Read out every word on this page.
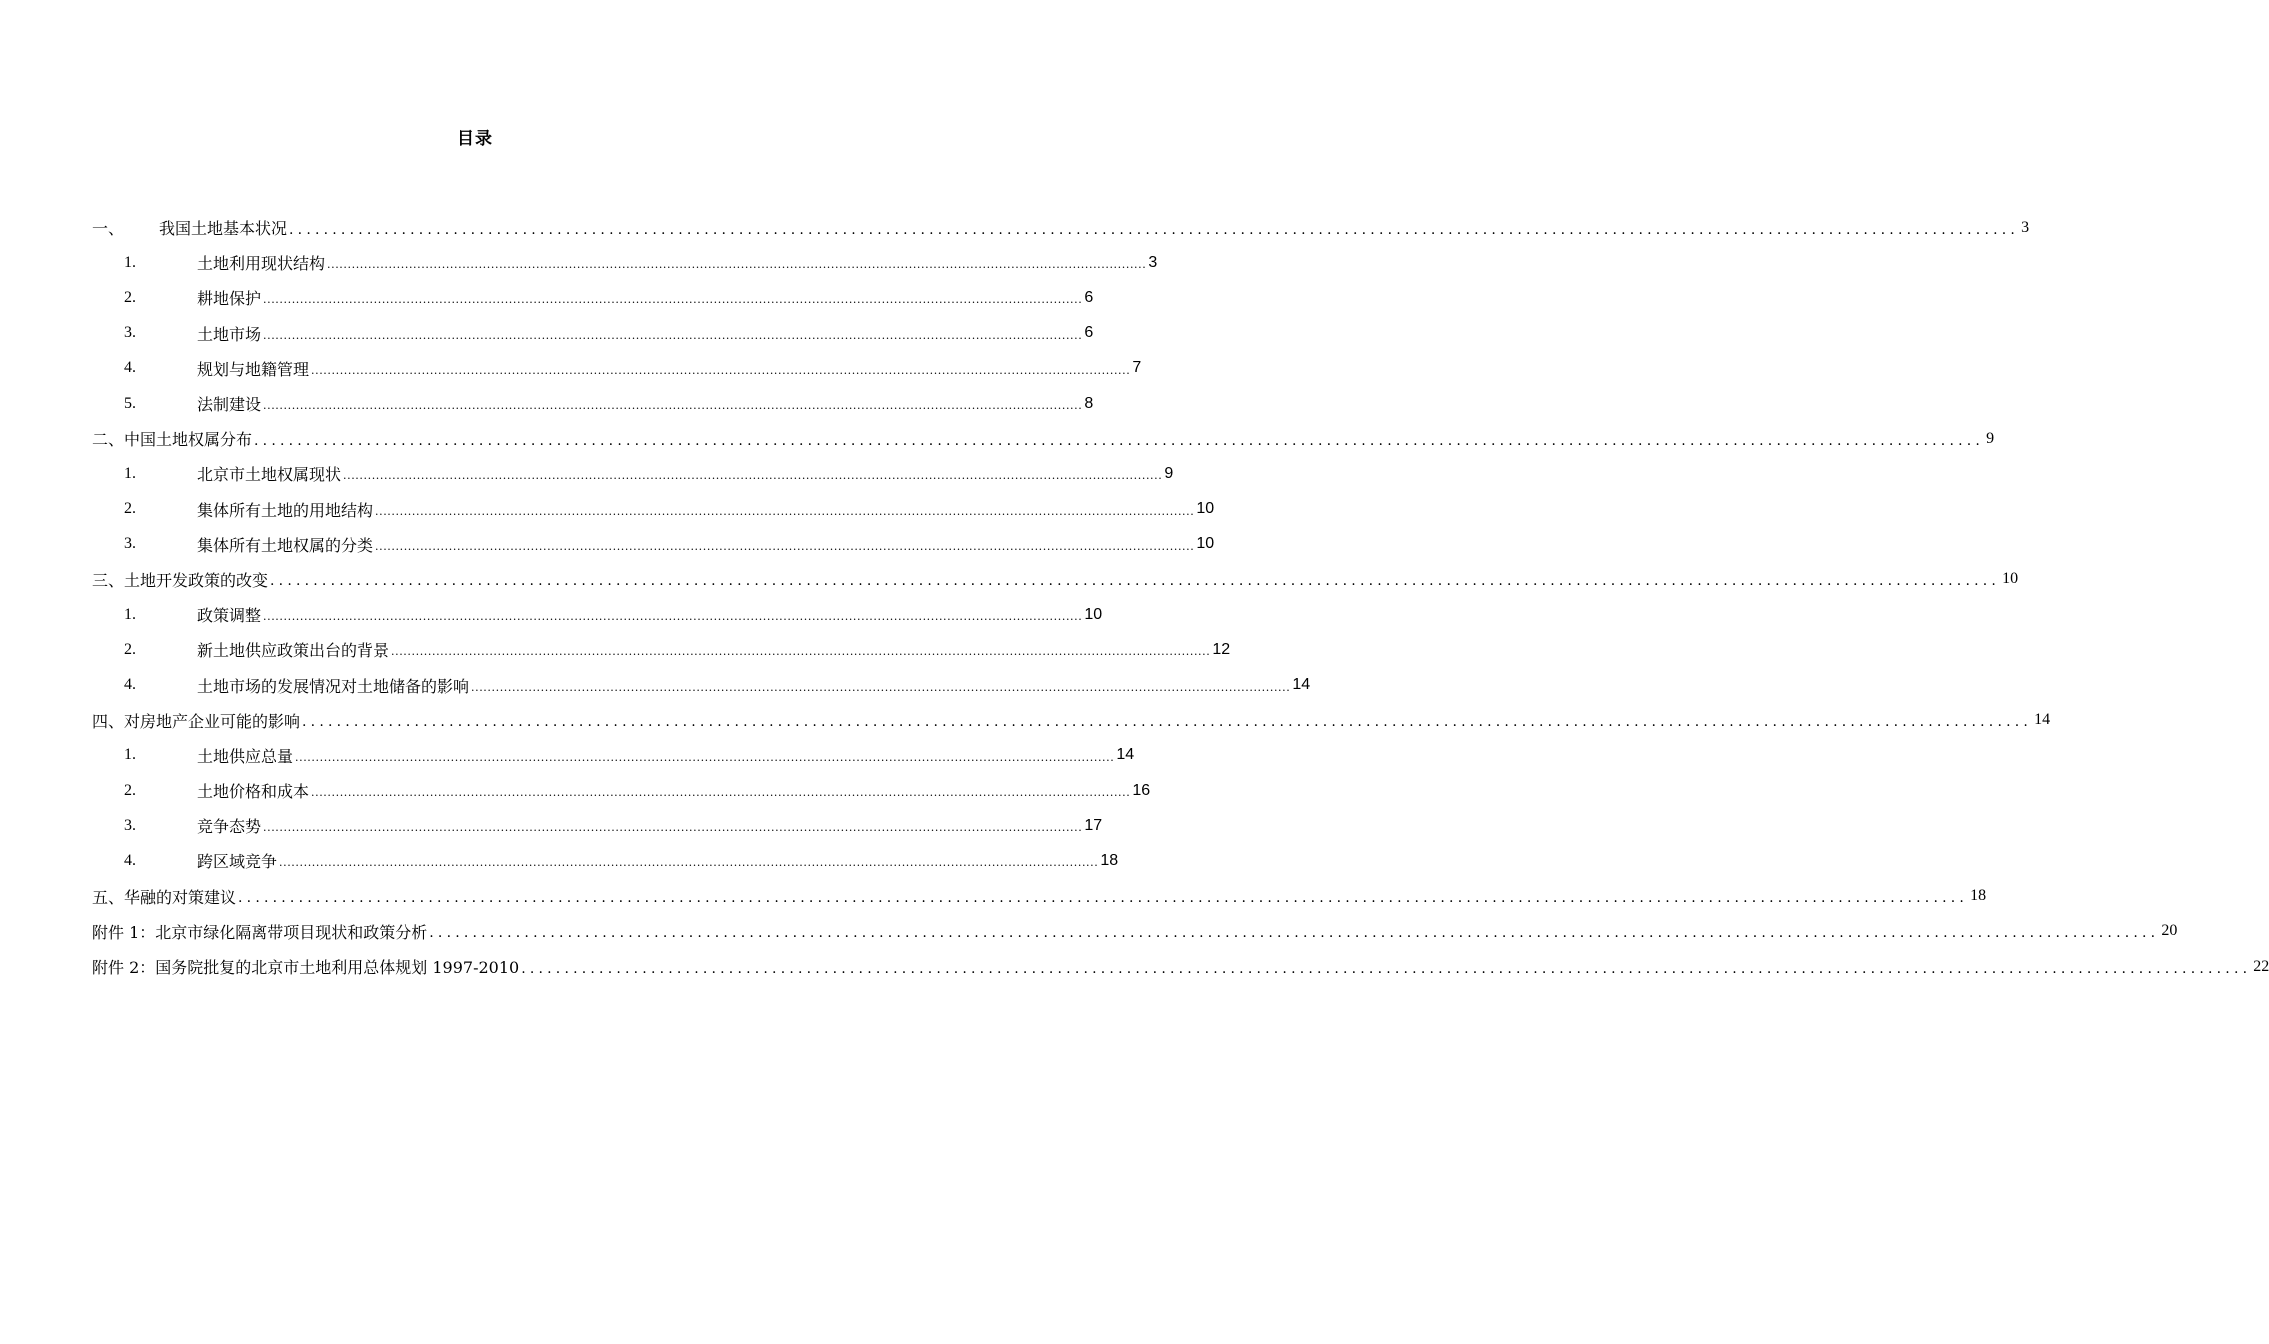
目录
一、	我国土地基本状况 ........................................................................................................................................................................................................ 3
1.	土地利用现状结构 ........................................................................................................................................................................................................ 3
2.	耕地保护 ........................................................................................................................................................................................................ 6
3.	土地市场 ........................................................................................................................................................................................................ 6
4.	规划与地籍管理 ........................................................................................................................................................................................................ 7
5.	法制建设 ........................................................................................................................................................................................................ 8
二、中国土地权属分布 ........................................................................................................................................................................................................ 9
1.	北京市土地权属现状 ........................................................................................................................................................................................................ 9
2.	集体所有土地的用地结构 ........................................................................................................................................................................................................ 10
3.	集体所有土地权属的分类 ........................................................................................................................................................................................................ 10
三、土地开发政策的改变 ........................................................................................................................................................................................................ 10
1.	政策调整 ........................................................................................................................................................................................................ 10
2.	新土地供应政策出台的背景 ........................................................................................................................................................................................................ 12
4.	土地市场的发展情况对土地储备的影响 ........................................................................................................................................................................................................ 14
四、对房地产企业可能的影响 ........................................................................................................................................................................................................ 14
1.	土地供应总量 ........................................................................................................................................................................................................ 14
2.	土地价格和成本 ........................................................................................................................................................................................................ 16
3.	竞争态势 ........................................................................................................................................................................................................ 17
4.	跨区域竞争 ........................................................................................................................................................................................................ 18
五、华融的对策建议 ........................................................................................................................................................................................................ 18
附件 1：北京市绿化隔离带项目现状和政策分析 ........................................................................................................................................................................................................ 20
附件 2：国务院批复的北京市土地利用总体规划 1997-2010 ........................................................................................................................................................................................................ 22
